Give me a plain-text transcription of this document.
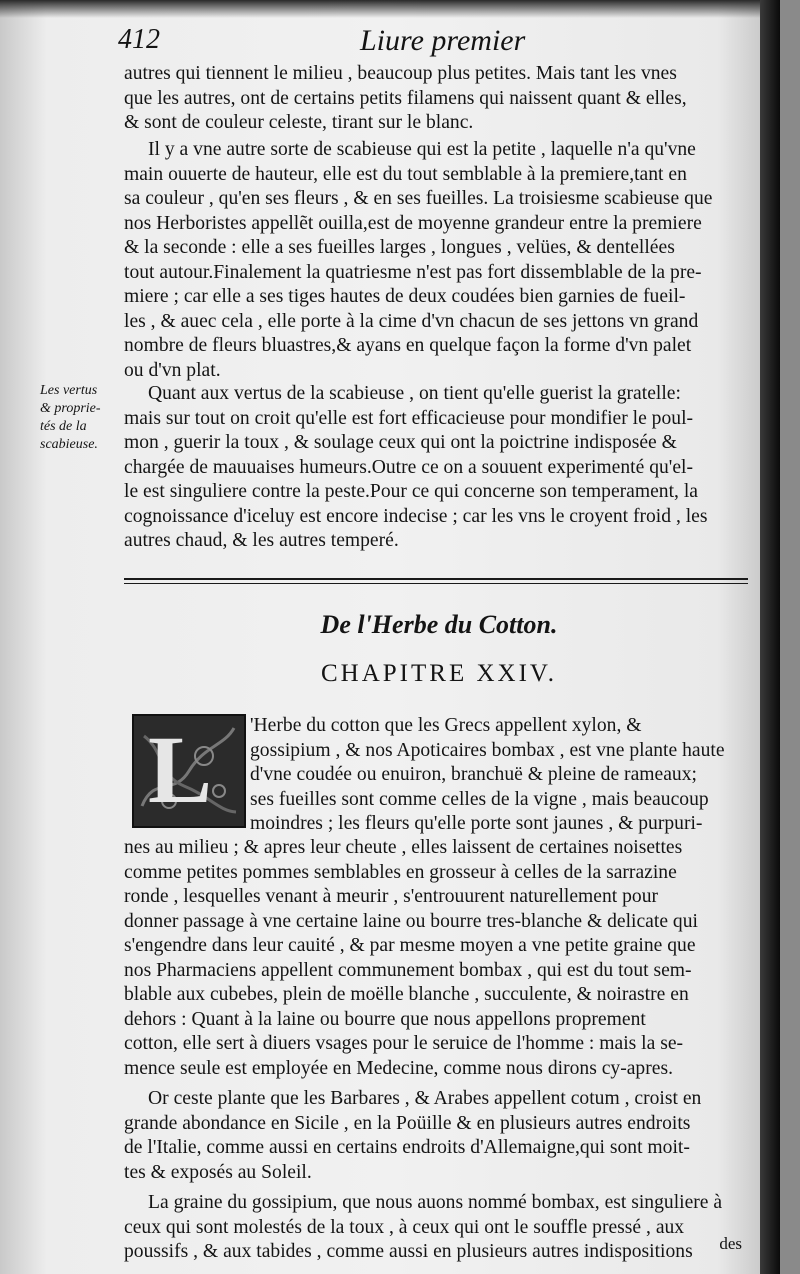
412	Liure premier

autres qui tiennent le milieu , beaucoup plus petites. Mais tant les vnes

que les autres, ont de certains petits filamens qui naissent quant & elles,

& sont de couleur celeste, tirant sur le blanc.

Il y a vne autre sorte de scabieuse qui est la petite , laquelle n'a qu'vne

main ouuerte de hauteur, elle est du tout semblable à la premiere,tant en

sa couleur , qu'en ses fleurs , & en ses fueilles. La troisiesme scabieuse que

nos Herboristes appellẽt ouilla,est de moyenne grandeur entre la premiere

& la seconde : elle a ses fueilles larges , longues , velües, & dentellées

tout autour.Finalement la quatriesme n'est pas fort dissemblable de la pre-

miere ; car elle a ses tiges hautes de deux coudées bien garnies de fueil-

les , & auec cela , elle porte à la cime d'vn chacun de ses jettons vn grand

nombre de fleurs bluastres,& ayans en quelque façon la forme d'vn palet

ou d'vn plat.

Les vertus
& proprie-
tés de la
scabieuse.

Quant aux vertus de la scabieuse , on tient qu'elle guerist la gratelle:

mais sur tout on croit qu'elle est fort efficacieuse pour mondifier le poul-

mon , guerir la toux , & soulage ceux qui ont la poictrine indisposée &

chargée de mauuaises humeurs.Outre ce on a souuent experimenté qu'el-

le est singuliere contre la peste.Pour ce qui concerne son temperament, la

cognoissance d'iceluy est encore indecise ; car les vns le croyent froid , les

autres chaud, & les autres temperé.

De l'Herbe du Cotton.
CHAPITRE XXIV.
L 'Herbe du cotton que les Grecs appellent xylon, &

gossipium , & nos Apoticaires bombax , est vne plante haute

d'vne coudée ou enuiron, branchuë & pleine de rameaux;

ses fueilles sont comme celles de la vigne , mais beaucoup

moindres ; les fleurs qu'elle porte sont jaunes , & purpuri-

nes au milieu ; & apres leur cheute , elles laissent de certaines noisettes

comme petites pommes semblables en grosseur à celles de la sarrazine

ronde , lesquelles venant à meurir , s'entrouurent naturellement pour

donner passage à vne certaine laine ou bourre tres-blanche & delicate qui

s'engendre dans leur cauité , & par mesme moyen a vne petite graine que

nos Pharmaciens appellent communement bombax , qui est du tout sem-

blable aux cubebes, plein de moëlle blanche , succulente, & noirastre en

dehors : Quant à la laine ou bourre que nous appellons proprement

cotton, elle sert à diuers vsages pour le seruice de l'homme : mais la se-

mence seule est employée en Medecine, comme nous dirons cy-apres.

Or ceste plante que les Barbares , & Arabes appellent cotum , croist en

grande abondance en Sicile , en la Poüille & en plusieurs autres endroits

de l'Italie, comme aussi en certains endroits d'Allemaigne,qui sont moit-

tes & exposés au Soleil.

La graine du gossipium, que nous auons nommé bombax, est singuliere à

ceux qui sont molestés de la toux , à ceux qui ont le souffle pressé , aux

poussifs , & aux tabides , comme aussi en plusieurs autres indispositions	des
